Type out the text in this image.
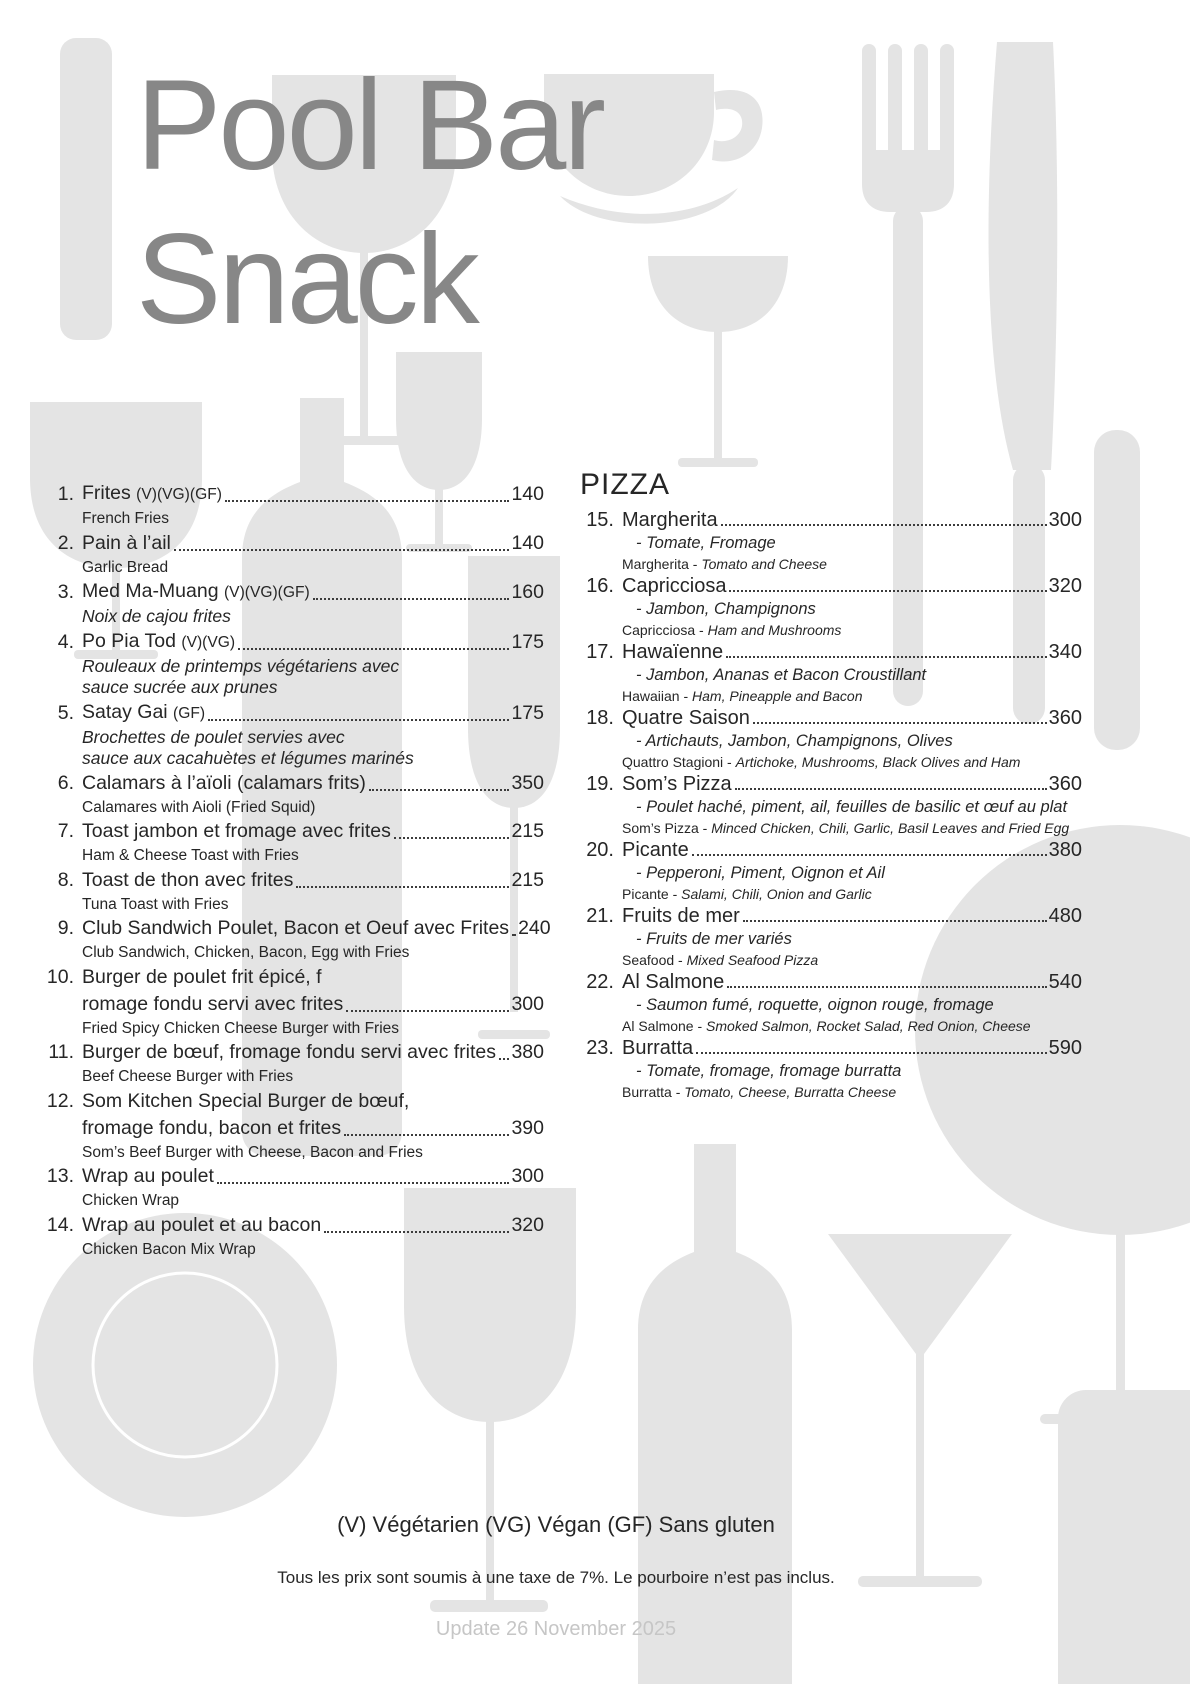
Pool Bar
Snack
1. Frites (V)(VG)(GF)	140
French Fries
2. Pain à l’ail	140
Garlic Bread
3. Med Ma-Muang (V)(VG)(GF)	160
Noix de cajou frites
4. Po Pia Tod (V)(VG)	175
Rouleaux de printemps végétariens avec
sauce sucrée aux prunes
5. Satay Gai (GF)	175
Brochettes de poulet servies avec
sauce aux cacahuètes et légumes marinés
6. Calamars à l’aïoli (calamars frits)	350
Calamares with Aioli (Fried Squid)
7. Toast jambon et fromage avec frites	215
Ham & Cheese Toast with Fries
8. Toast de thon avec frites	215
Tuna Toast with Fries
9. Club Sandwich Poulet, Bacon et Oeuf avec Frites 240
Club Sandwich, Chicken, Bacon, Egg with Fries
10. Burger de poulet frit épicé, f
romage fondu servi avec frites	300
Fried Spicy Chicken Cheese Burger with Fries
11. Burger de bœuf, fromage fondu servi avec frites 380
Beef Cheese Burger with Fries
12. Som Kitchen Special Burger de bœuf,
fromage fondu, bacon et frites	390
Som’s Beef Burger with Cheese, Bacon and Fries
13. Wrap au poulet	300
Chicken Wrap
14. Wrap au poulet et au bacon	320
Chicken Bacon Mix Wrap
PIZZA
15. Margherita	300
- Tomate, Fromage
Margherita - Tomato and Cheese
16. Capricciosa	320
- Jambon, Champignons
Capricciosa - Ham and Mushrooms
17. Hawaïenne	340
- Jambon, Ananas et Bacon Croustillant
Hawaiian - Ham, Pineapple and Bacon
18. Quatre Saison	360
- Artichauts, Jambon, Champignons, Olives
Quattro Stagioni - Artichoke, Mushrooms, Black Olives and Ham
19. Som’s Pizza	360
- Poulet haché, piment, ail, feuilles de basilic et œuf au plat
Som’s Pizza - Minced Chicken, Chili, Garlic, Basil Leaves and Fried Egg
20. Picante	380
- Pepperoni, Piment, Oignon et Ail
Picante - Salami, Chili, Onion and Garlic
21. Fruits de mer	480
- Fruits de mer variés
Seafood - Mixed Seafood Pizza
22. Al Salmone	540
- Saumon fumé, roquette, oignon rouge, fromage
Al Salmone - Smoked Salmon, Rocket Salad, Red Onion, Cheese
23. Burratta	590
- Tomate, fromage, fromage burratta
Burratta - Tomato, Cheese, Burratta Cheese
(V) Végétarien (VG) Végan (GF) Sans gluten
Tous les prix sont soumis à une taxe de 7%. Le pourboire n’est pas inclus.
Update 26 November 2025
